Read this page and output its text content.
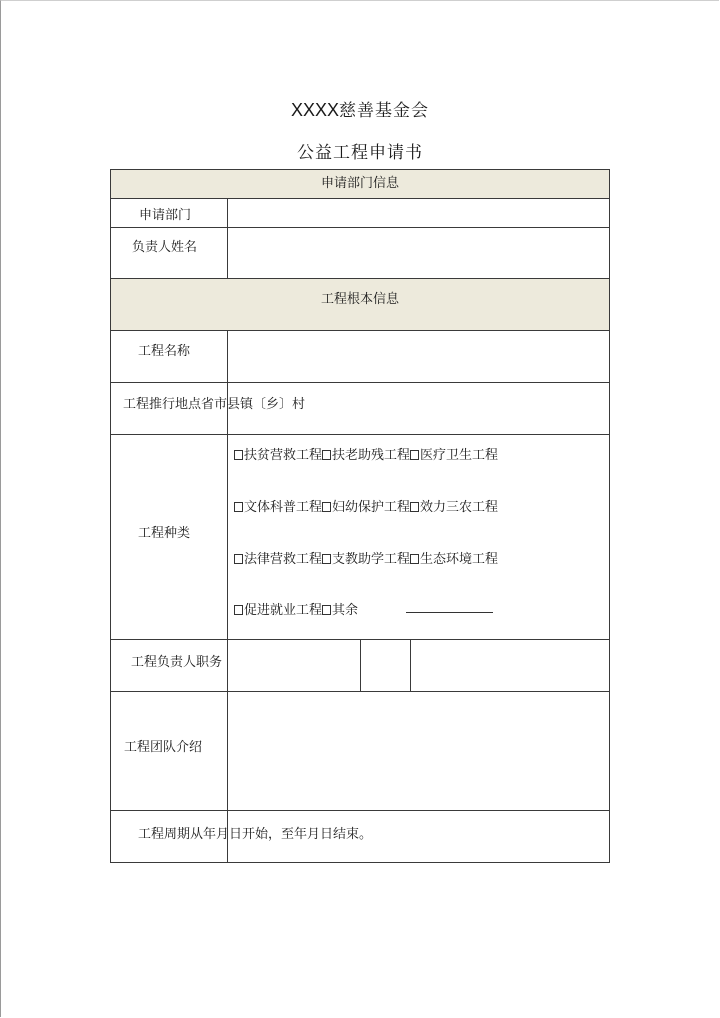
XXXX慈善基金会
公益工程申请书
申请部门信息
申请部门
负责人姓名
工程根本信息
工程名称
工程推行地点省市县镇〔乡〕村
工程种类
扶贫营救工程 扶老助残工程 医疗卫生工程
文体科普工程 妇幼保护工程 效力三农工程
法律营救工程 支教助学工程 生态环境工程
促进就业工程 其余
工程负责人职务
工程团队介绍
工程周期从年月日开始，至年月日结束。
